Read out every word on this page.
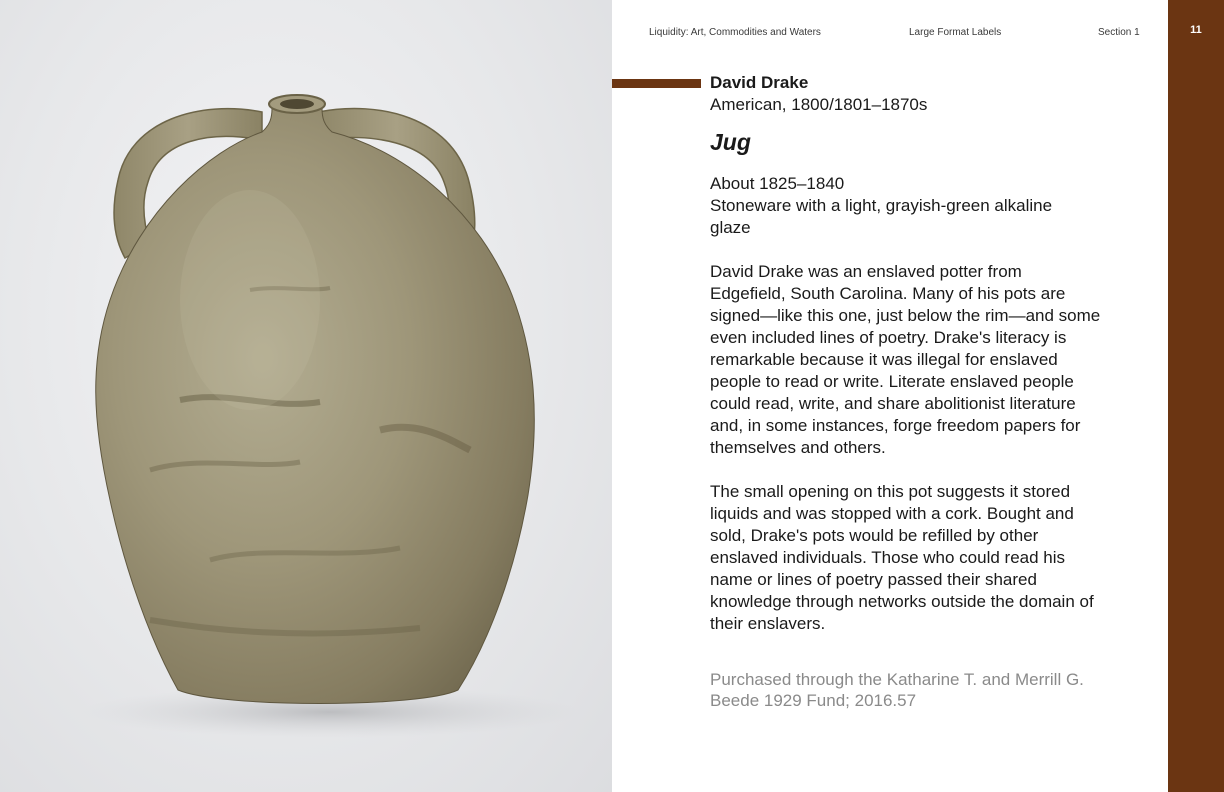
Liquidity: Art, Commodities and Waters	Large Format Labels	Section 1	11

David Drake

American, 1800/1801–1870s

Jug

About 1825–1840

Stoneware with a light, grayish-green alkaline glaze

David Drake was an enslaved potter from Edgefield, South Carolina. Many of his pots are signed—like this one, just below the rim—and some even included lines of poetry. Drake's literacy is remarkable because it was illegal for enslaved people to read or write. Literate enslaved people could read, write, and share abolitionist literature and, in some instances, forge freedom papers for themselves and others.

The small opening on this pot suggests it stored liquids and was stopped with a cork. Bought and sold, Drake's pots would be refilled by other enslaved individuals. Those who could read his name or lines of poetry passed their shared knowledge through networks outside the domain of their enslavers.

Purchased through the Katharine T. and Merrill G. Beede 1929 Fund; 2016.57
